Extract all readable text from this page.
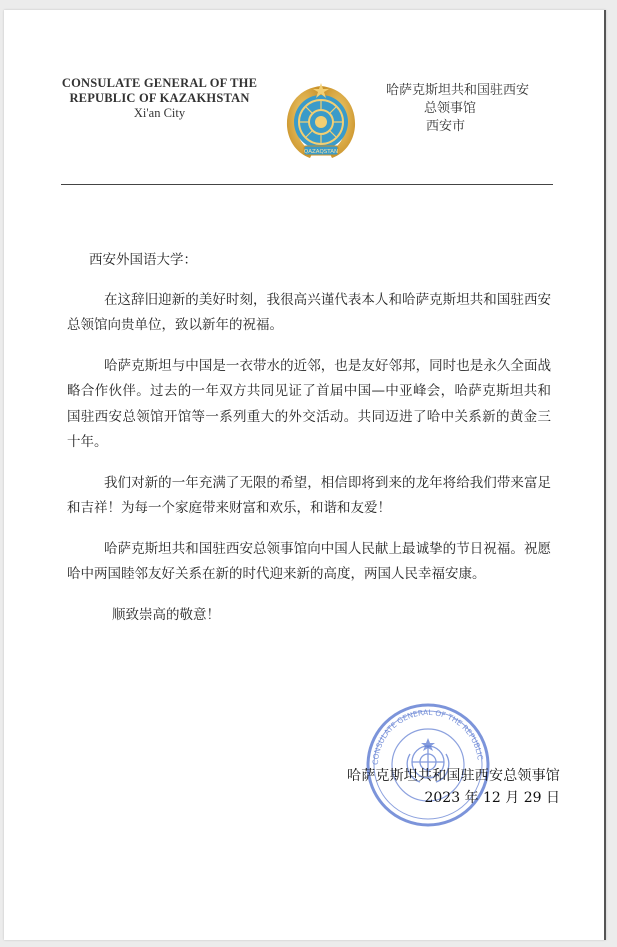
CONSULATE GENERAL OF THE
REPUBLIC OF KAZAKHSTAN
Xi'an City
QAZAQSTAN
哈萨克斯坦共和国驻西安
总领事馆
西安市
西安外国语大学：

在这辞旧迎新的美好时刻，我很高兴谨代表本人和哈萨克斯坦共和国驻西安总领馆向贵单位，致以新年的祝福。

哈萨克斯坦与中国是一衣带水的近邻，也是友好邻邦，同时也是永久全面战略合作伙伴。过去的一年双方共同见证了首届中国—中亚峰会，哈萨克斯坦共和国驻西安总领馆开馆等一系列重大的外交活动。共同迈进了哈中关系新的黄金三十年。

我们对新的一年充满了无限的希望，相信即将到来的龙年将给我们带来富足和吉祥！为每一个家庭带来财富和欢乐，和谐和友爱！

哈萨克斯坦共和国驻西安总领事馆向中国人民献上最诚挚的节日祝福。祝愿哈中两国睦邻友好关系在新的时代迎来新的高度，两国人民幸福安康。

顺致崇高的敬意！

CONSULATE GENERAL OF THE REPUBLIC
哈萨克斯坦共和国驻西安总领事馆
2023 年 12 月 29 日
